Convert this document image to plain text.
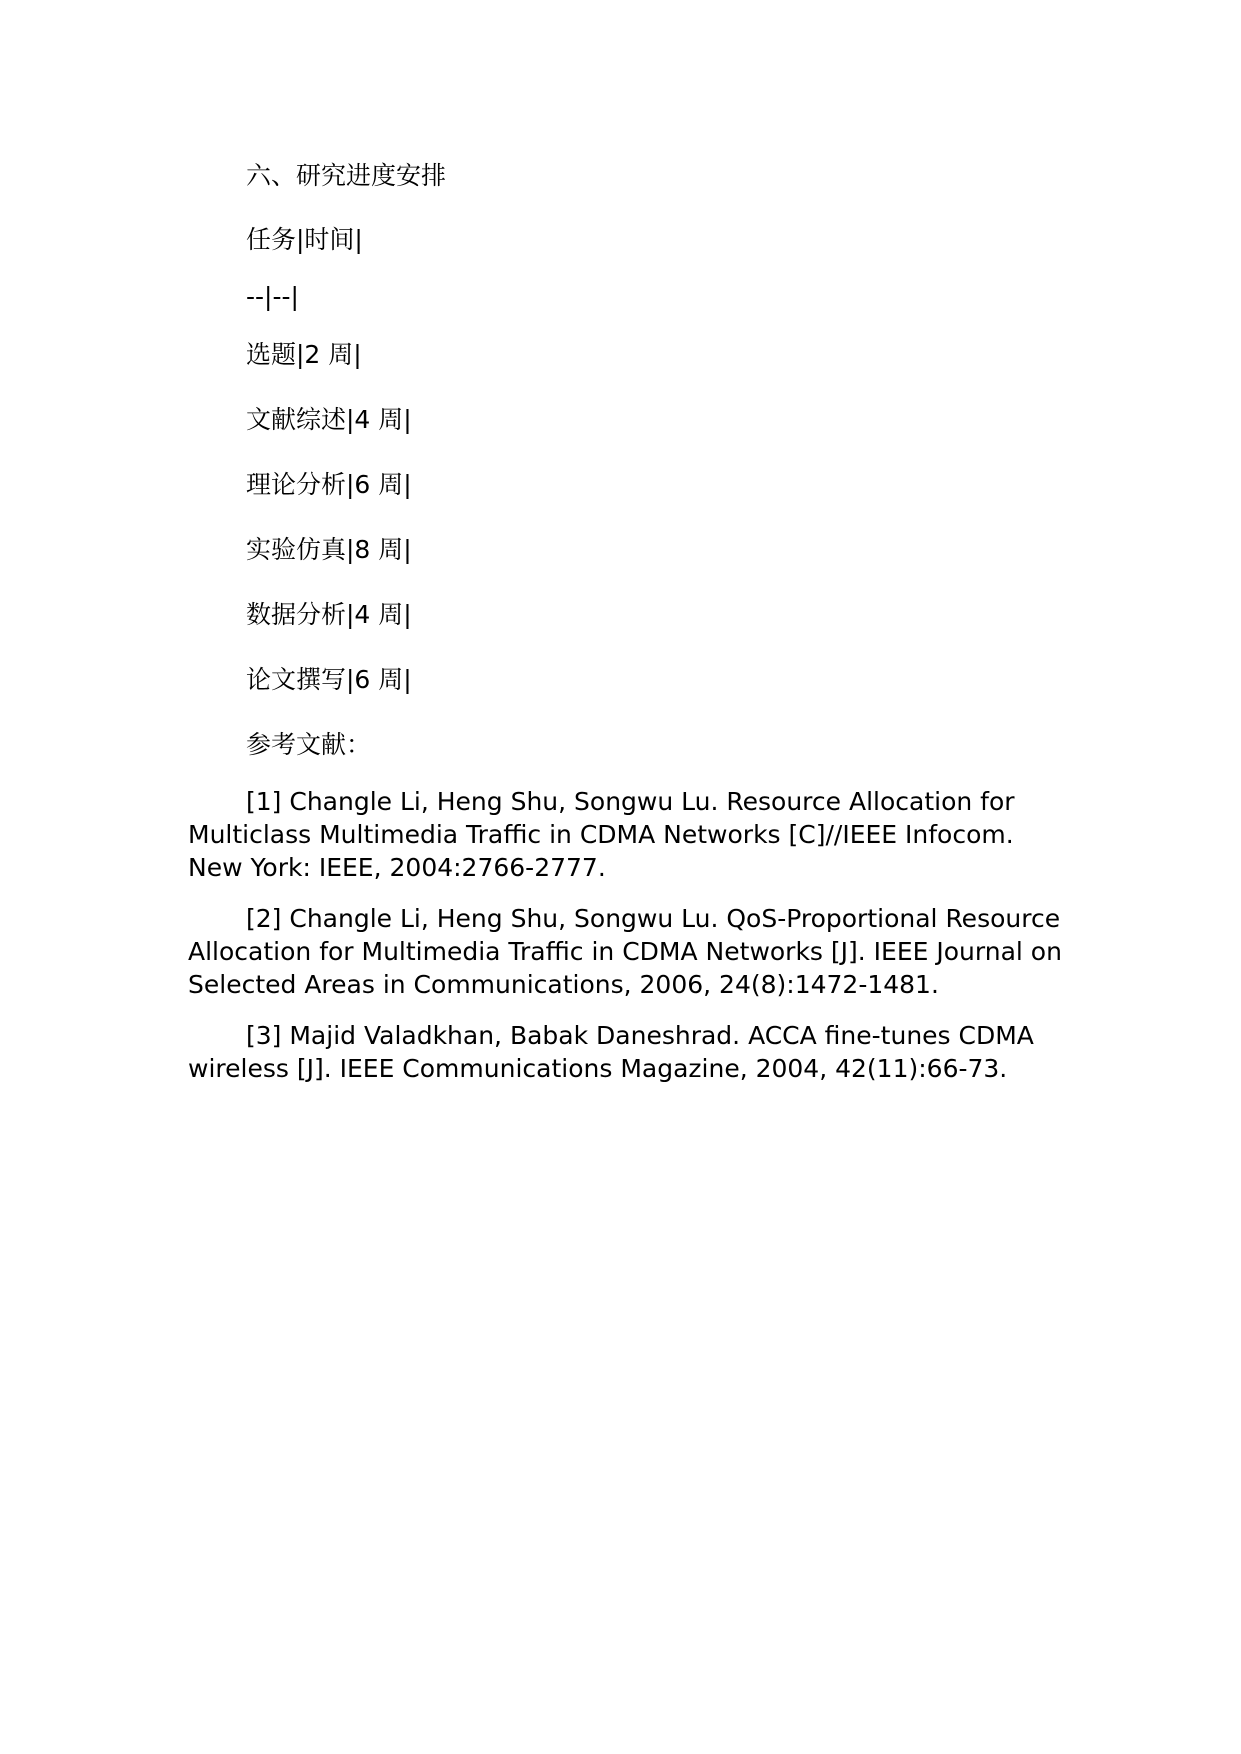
六、研究进度安排
任务|时间|
--|--|
选题|2 周|
文献综述|4 周|
理论分析|6 周|
实验仿真|8 周|
数据分析|4 周|
论文撰写|6 周|
参考文献：
[1] Changle Li, Heng Shu, Songwu Lu. Resource Allocation for Multiclass Multimedia Traffic in CDMA Networks [C]//IEEE Infocom. New York: IEEE, 2004:2766-2777.
[2] Changle Li, Heng Shu, Songwu Lu. QoS-Proportional Resource Allocation for Multimedia Traffic in CDMA Networks [J]. IEEE Journal on Selected Areas in Communications, 2006, 24(8):1472-1481.
[3] Majid Valadkhan, Babak Daneshrad. ACCA fine-tunes CDMA wireless [J]. IEEE Communications Magazine, 2004, 42(11):66-73.
